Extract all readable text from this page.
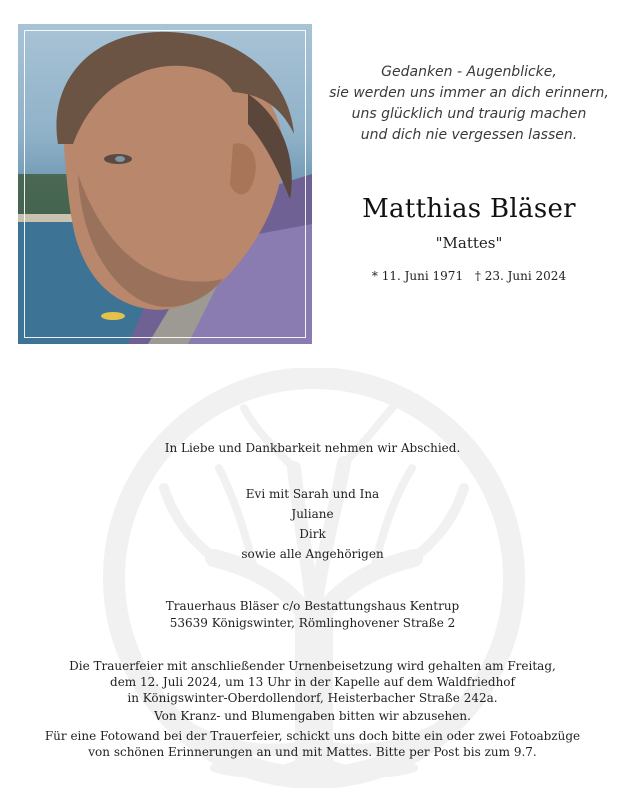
Gedanken - Augenblicke,
sie werden uns immer an dich erinnern,
uns glücklich und traurig machen
und dich nie vergessen lassen.
Matthias Bläser
"Mattes"
* 11. Juni 1971 † 23. Juni 2024
In Liebe und Dankbarkeit nehmen wir Abschied.
Evi mit Sarah und Ina
Juliane
Dirk
sowie alle Angehörigen
Trauerhaus Bläser c/o Bestattungshaus Kentrup
53639 Königswinter, Römlinghovener Straße 2
Die Trauerfeier mit anschließender Urnenbeisetzung wird gehalten am Freitag,
dem 12. Juli 2024, um 13 Uhr in der Kapelle auf dem Waldfriedhof
in Königswinter-Oberdollendorf, Heisterbacher Straße 242a.
Von Kranz- und Blumengaben bitten wir abzusehen.
Für eine Fotowand bei der Trauerfeier, schickt uns doch bitte ein oder zwei Fotoabzüge
von schönen Erinnerungen an und mit Mattes. Bitte per Post bis zum 9.7.
